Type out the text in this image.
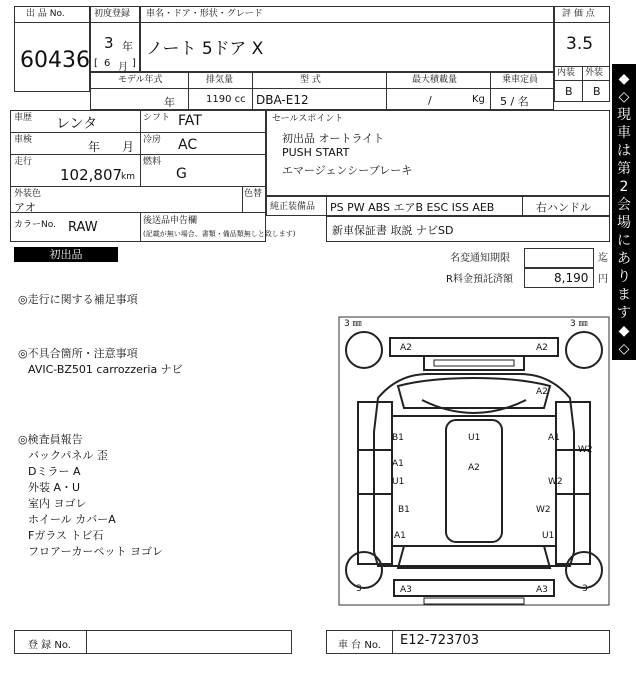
出 品 No.
60436
初度登録
3 年
[ 6 月 ]
車名・ドア・形状・グレード
ノート 5ドア X
評 価 点
3.5
内装 外装
B B
モデル年式
年
排気量
1190 cc
型 式
DBA-E12
最大積載量
/	Kg
乗車定員
5 / 名
車歴 レンタ	シフト FAT
車検	年 月 冷房 AC
走行
102,807
km
燃料
G
外装色
アオ
色替
カラーNo. RAW	後送品申告欄
(記載が無い場合、書類・備品類無しと致します)
セールスポイント
初出品 オートライト
PUSH START
エマージェンシーブレーキ
純正装備品 PS PW ABS エアB ESC ISS AEB	右ハンドル
新車保証書 取説 ナビSD
初出品	名変通知期限	迄
R料金預託済額	8,190 円
◆
◇
現
車
は
第
2
会
場
に
あ
り
ま
す
◆
◇
◎走行に関する補足事項
◎不具合箇所・注意事項
AVIC-BZ501 carrozzeria ナビ
◎検査員報告
バックパネル 歪
Dミラー A
外装 A・U
室内 ヨゴレ
ホイール カバーA
Fガラス トビ石
フロアーカーペット ヨゴレ
3 ㎜	3 ㎜
3	3
A2	A2
A2
B1	U1	A1
W2
A1
U1
A2
W2
B1
A1
W2
U1
A3	A3
登 録 No.	車 台 No. E12-723703
